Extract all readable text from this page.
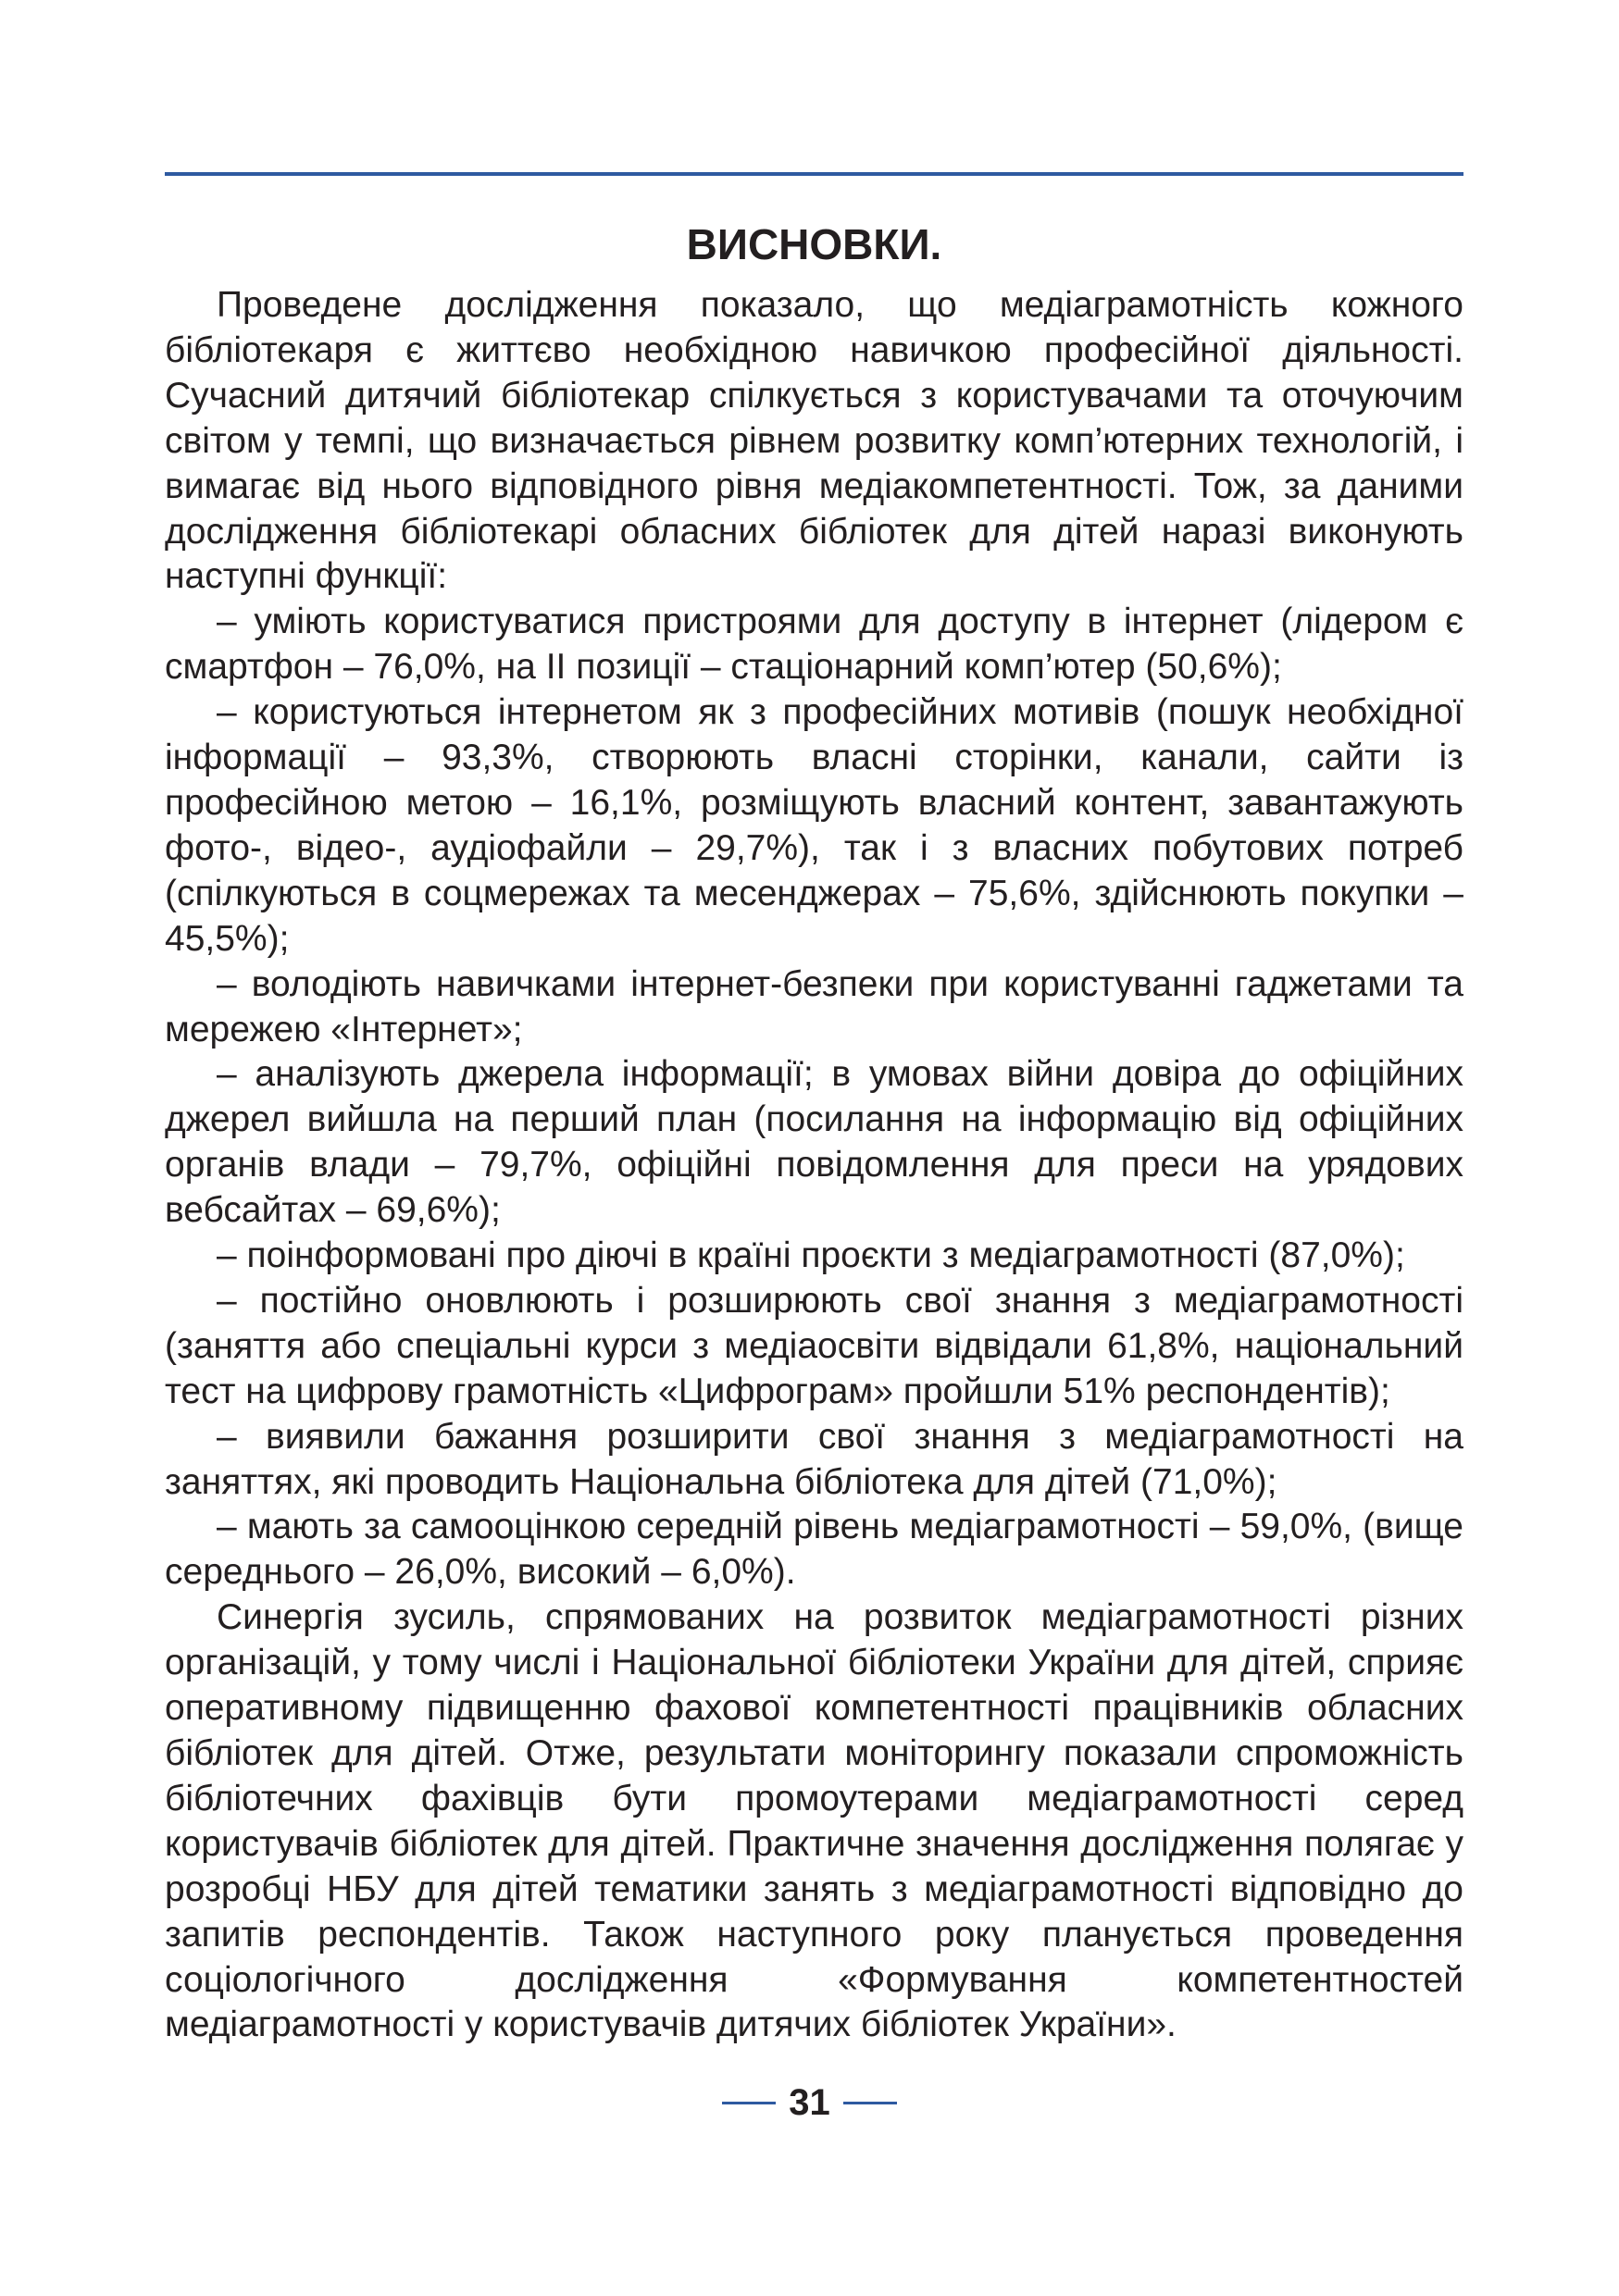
ВИСНОВКИ.

Проведене дослідження показало, що медіаграмотність кожного бібліотекаря є життєво необхідною навичкою професійної діяльності. Сучасний дитячий бібліотекар спілкується з користувачами та оточуючим світом у темпі, що визначається рівнем розвитку комп’ютерних технологій, і вимагає від нього відповідного рівня медіакомпетентності. Тож, за даними дослідження бібліотекарі обласних бібліотек для дітей наразі виконують наступні функції:

– уміють користуватися пристроями для доступу в інтернет (лідером є смартфон – 76,0%, на II позиції – стаціонарний комп’ютер (50,6%);

– користуються інтернетом як з професійних мотивів (пошук необхідної інформації – 93,3%, створюють власні сторінки, канали, сайти із професійною метою – 16,1%, розміщують власний контент, завантажують фото-, відео-, аудіофайли – 29,7%), так і з власних побутових потреб (спілкуються в соцмережах та месенджерах – 75,6%, здійснюють покупки – 45,5%);

– володіють навичками інтернет-безпеки при користуванні гаджетами та мережею «Інтернет»;

– аналізують джерела інформації; в умовах війни довіра до офіційних джерел вийшла на перший план (посилання на інформацію від офіційних органів влади – 79,7%, офіційні повідомлення для преси на урядових вебсайтах – 69,6%);

– поінформовані про діючі в країні проєкти з медіаграмотності (87,0%);

– постійно оновлюють і розширюють свої знання з медіаграмотності (заняття або спеціальні курси з медіаосвіти відвідали 61,8%, національний тест на цифрову грамотність «Цифрограм» пройшли 51% респондентів);

– виявили бажання розширити свої знання з медіаграмотності на заняттях, які проводить Національна бібліотека для дітей (71,0%);

– мають за самооцінкою середній рівень медіаграмотності – 59,0%, (вище середнього – 26,0%, високий – 6,0%).

Синергія зусиль, спрямованих на розвиток медіаграмотності різних організацій, у тому числі і Національної бібліотеки України для дітей, сприяє оперативному підвищенню фахової компетентності працівників обласних бібліотек для дітей. Отже, результати моніторингу показали спроможність бібліотечних фахівців бути промоутерами медіаграмотності серед користувачів бібліотек для дітей. Практичне значення дослідження полягає у розробці НБУ для дітей тематики занять з медіаграмотності відповідно до запитів респондентів. Також наступного року планується проведення соціологічного дослідження «Формування компетентностей медіаграмотності у користувачів дитячих бібліотек України».

31
